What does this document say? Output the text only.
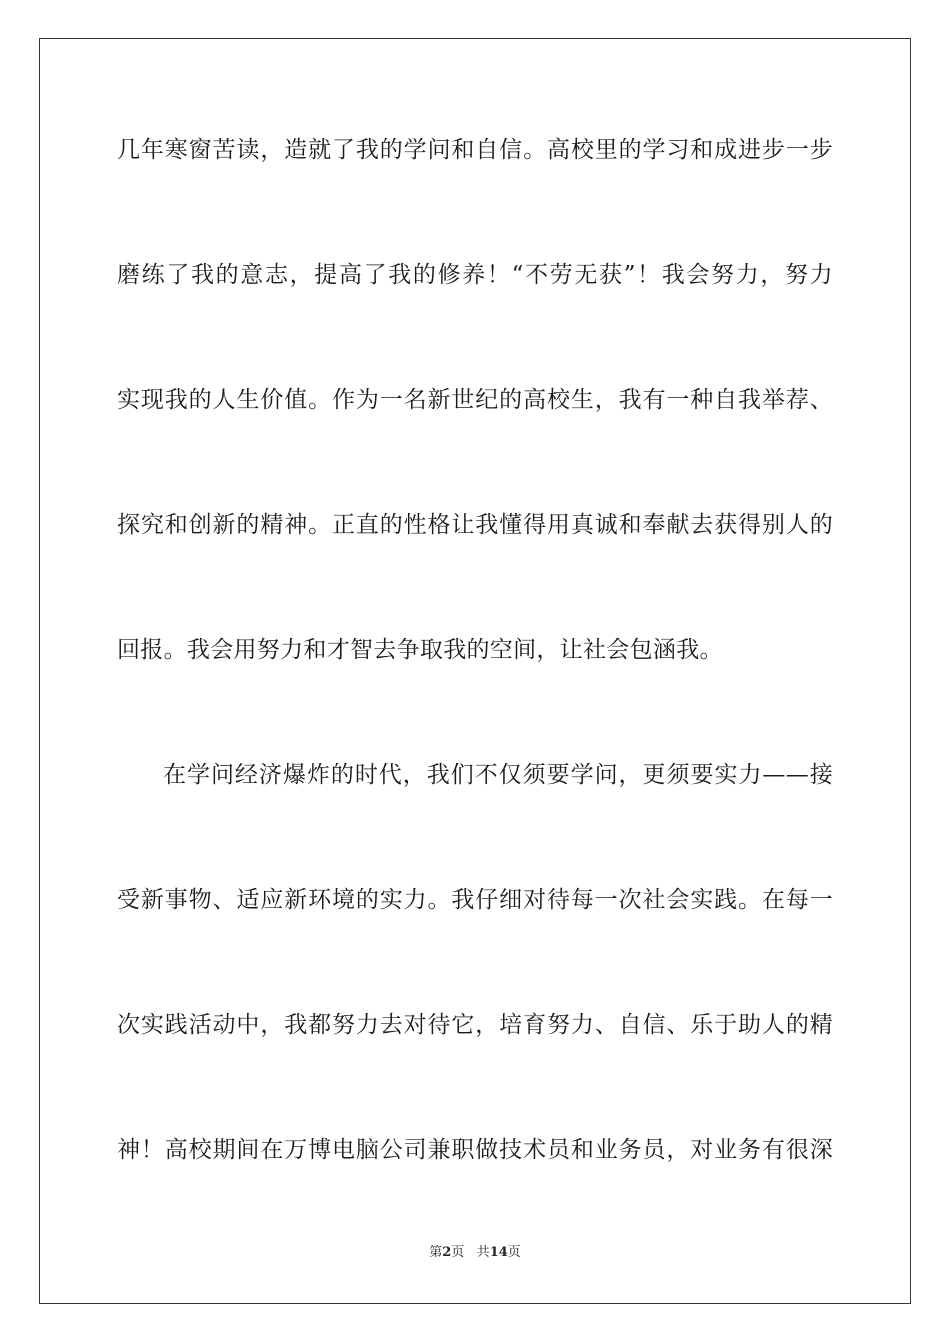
几年寒窗苦读，造就了我的学问和自信。高校里的学习和成进步一步

磨练了我的意志，提高了我的修养！“不劳无获”！我会努力，努力

实现我的人生价值。作为一名新世纪的高校生，我有一种自我举荐、

探究和创新的精神。正直的性格让我懂得用真诚和奉献去获得别人的

回报。我会用努力和才智去争取我的空间，让社会包涵我。

在学问经济爆炸的时代，我们不仅须要学问，更须要实力——接

受新事物、适应新环境的实力。我仔细对待每一次社会实践。在每一

次实践活动中，我都努力去对待它，培育努力、自信、乐于助人的精

神！高校期间在万博电脑公司兼职做技术员和业务员，对业务有很深

第2页 共14页
